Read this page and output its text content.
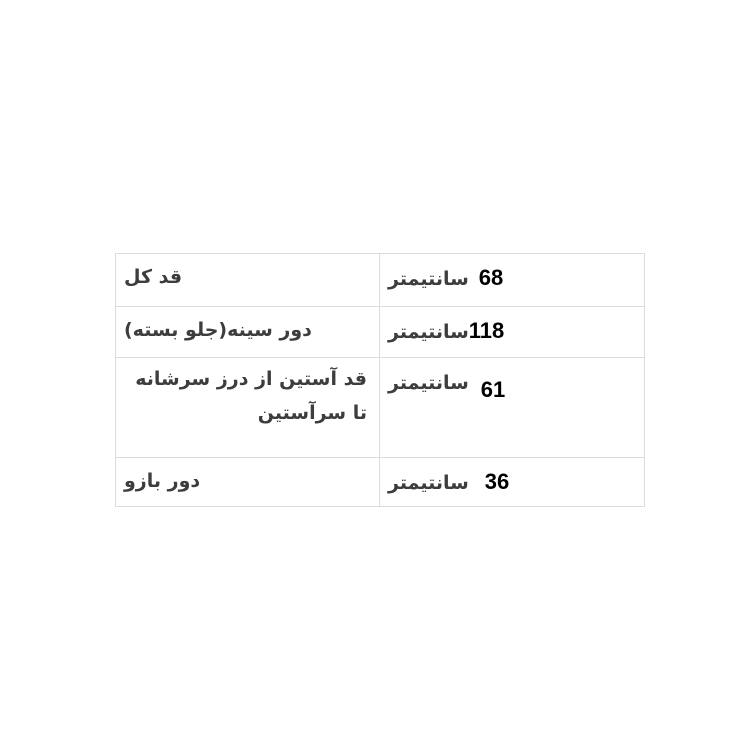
قد کل	سانتیمتر 68

دور سینه(جلو بسته)	سانتیمتر 118

قد آستین از درز سرشانه تا سرآستین	سانتیمتر 61

دور بازو	سانتیمتر 36
